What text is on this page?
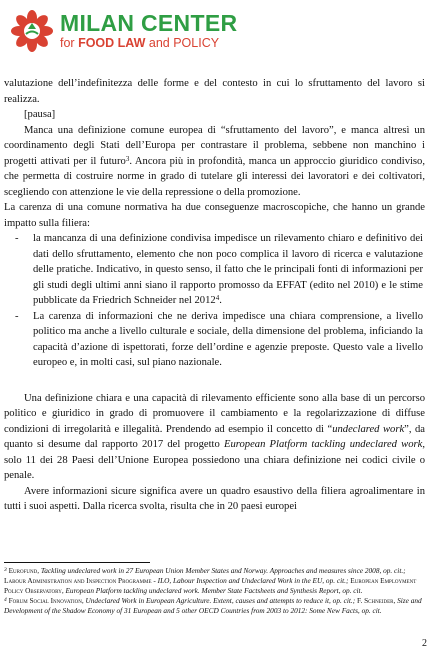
MILAN CENTER
for FOOD LAW and POLICY

valutazione dell’indefinitezza delle forme e del contesto in cui lo sfruttamento del lavoro si realizza.

[pausa]

Manca una definizione comune europea di “sfruttamento del lavoro”, e manca altresì un coordinamento degli Stati dell’Europa per contrastare il problema, sebbene non manchino i progetti attivati per il futuro$^3$. Ancora più in profondità, manca un approccio giuridico condiviso, che permetta di costruire norme in grado di tutelare gli interessi dei lavoratori e dei coltivatori, scegliendo con attenzione le vie della repressione o della promozione.

La carenza di una comune normativa ha due conseguenze macroscopiche, che hanno un grande impatto sulla filiera:

- la mancanza di una definizione condivisa impedisce un rilevamento chiaro e definitivo dei dati dello sfruttamento, elemento che non poco complica il lavoro di ricerca e valutazione delle pratiche. Indicativo, in questo senso, il fatto che le principali fonti di informazioni per gli studi degli ultimi anni siano il rapporto promosso da EFFAT (edito nel 2010) e le stime pubblicate da Friedrich Schneider nel 2012$^4$.
- La carenza di informazioni che ne deriva impedisce una chiara comprensione, a livello politico ma anche a livello culturale e sociale, della dimensione del problema, inficiando la capacità d’azione di ispettorati, forze dell’ordine e agenzie preposte. Questo vale a livello europeo e, in molti casi, sul piano nazionale.

Una definizione chiara e una capacità di rilevamento efficiente sono alla base di un percorso politico e giuridico in grado di promuovere il cambiamento e la regolarizzazione di diffuse condizioni di irregolarità e illegalità. Prendendo ad esempio il concetto di “undeclared work”, da quanto si desume dal rapporto 2017 del progetto European Platform tackling undeclared work, solo 11 dei 28 Paesi dell’Unione Europea possiedono una chiara definizione nei codici civile o penale.

Avere informazioni sicure significa avere un quadro esaustivo della filiera agroalimentare in tutti i suoi aspetti. Dalla ricerca svolta, risulta che in 20 paesi europei

$^3$ Eurofund, Tackling undeclared work in 27 European Union Member States and Norway. Approaches and measures since 2008, op. cit.; Labour Administration and Inspection Programme - ILO, Labour Inspection and Undeclared Work in the EU, op. cit.; European Employment Policy Observatory, European Platform tackling undeclared work. Member State Factsheets and Synthesis Report, op. cit.

$^4$ Forum Social Innovation, Undeclared Work in European Agriculture. Extent, causes and attempts to reduce it, op. cit.; F. Schneider, Size and Development of the Shadow Economy of 31 European and 5 other OECD Countries from 2003 to 2012: Some New Facts, op. cit.

2
